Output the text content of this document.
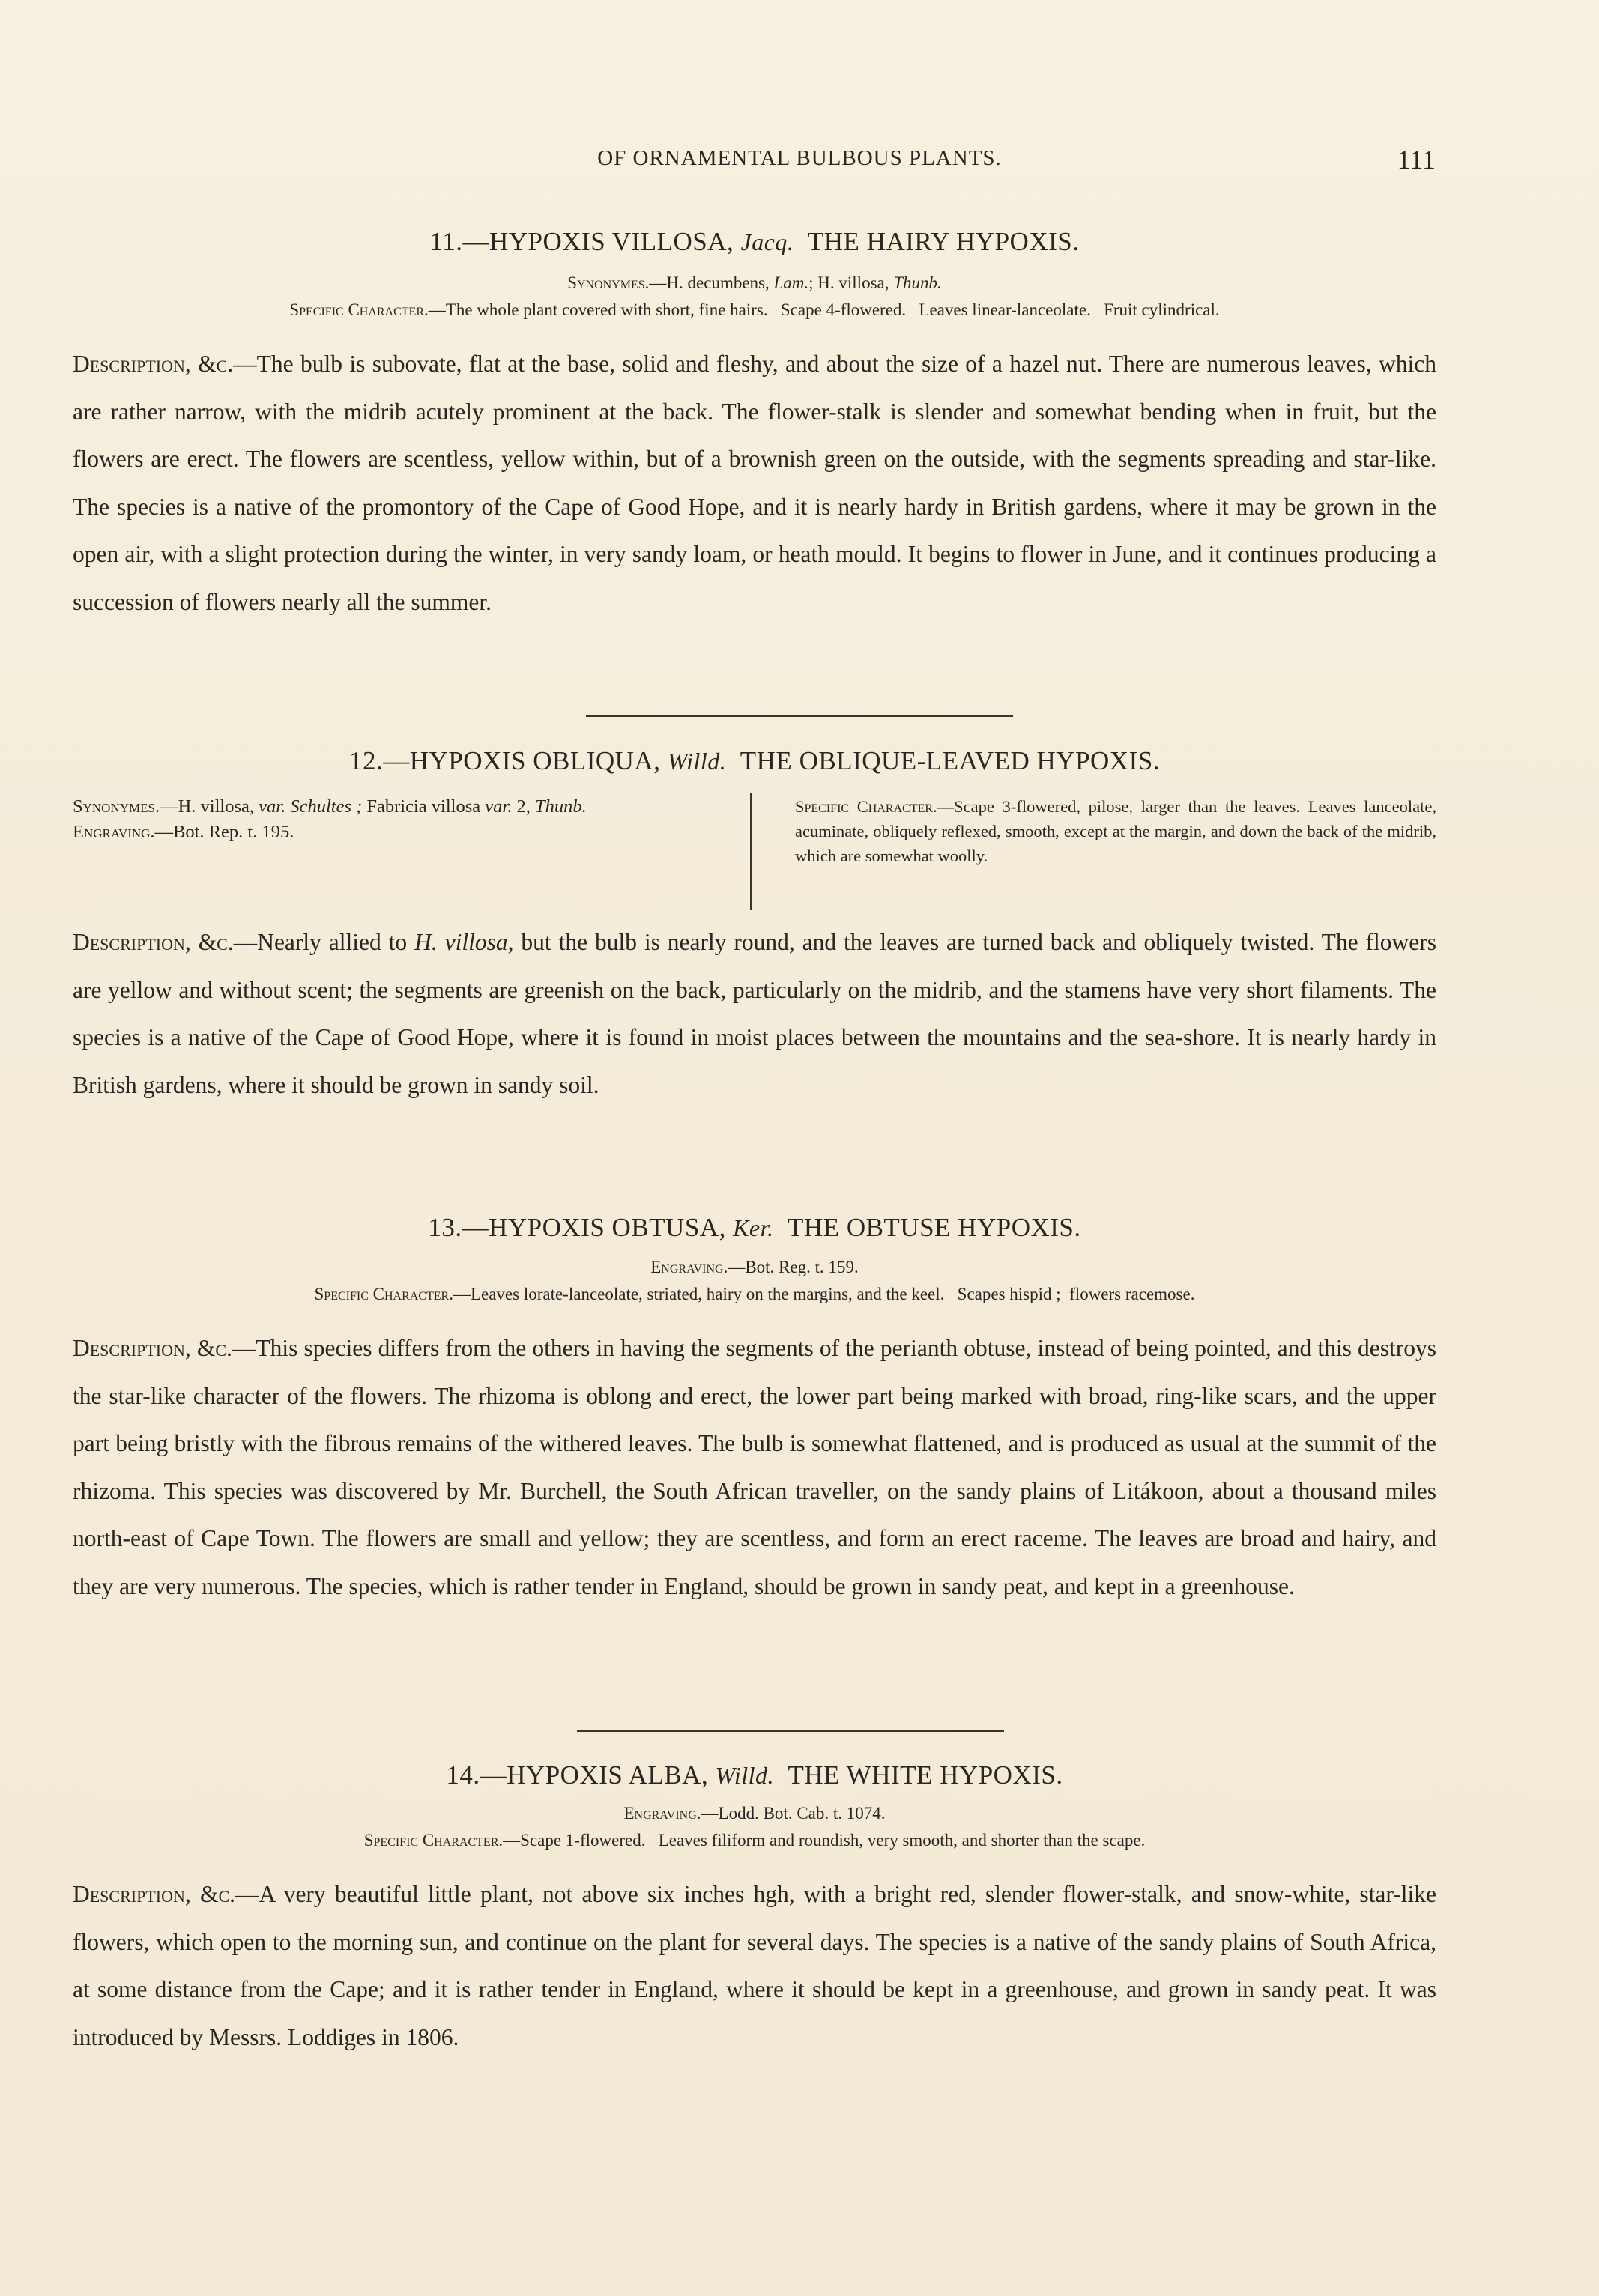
OF ORNAMENTAL BULBOUS PLANTS.	111

11.—HYPOXIS VILLOSA, Jacq. THE HAIRY HYPOXIS.

Synonymes.—H. decumbens, Lam.; H. villosa, Thunb.

Specific Character.—The whole plant covered with short, fine hairs.   Scape 4-flowered.   Leaves linear-lanceolate.   Fruit cylindrical.

Description, &c.—The bulb is subovate, flat at the base, solid and fleshy, and about the size of a hazel nut. There are numerous leaves, which are rather narrow, with the midrib acutely prominent at the back. The flower-stalk is slender and somewhat bending when in fruit, but the flowers are erect. The flowers are scentless, yellow within, but of a brownish green on the outside, with the segments spreading and star-like. The species is a native of the promontory of the Cape of Good Hope, and it is nearly hardy in British gardens, where it may be grown in the open air, with a slight protection during the winter, in very sandy loam, or heath mould. It begins to flower in June, and it continues producing a succession of flowers nearly all the summer.

12.—HYPOXIS OBLIQUA, Willd. THE OBLIQUE-LEAVED HYPOXIS.

Synonymes.—H. villosa, var. Schultes ; Fabricia villosa var. 2, Thunb.
Engraving.—Bot. Rep. t. 195.
Specific Character.—Scape 3-flowered, pilose, larger than the leaves. Leaves lanceolate, acuminate, obliquely reflexed, smooth, except at the margin, and down the back of the midrib, which are somewhat woolly.

Description, &c.—Nearly allied to H. villosa, but the bulb is nearly round, and the leaves are turned back and obliquely twisted. The flowers are yellow and without scent; the segments are greenish on the back, particularly on the midrib, and the stamens have very short filaments. The species is a native of the Cape of Good Hope, where it is found in moist places between the mountains and the sea-shore. It is nearly hardy in British gardens, where it should be grown in sandy soil.

13.—HYPOXIS OBTUSA, Ker. THE OBTUSE HYPOXIS.

Engraving.—Bot. Reg. t. 159.

Specific Character.—Leaves lorate-lanceolate, striated, hairy on the margins, and the keel.   Scapes hispid ;  flowers racemose.

Description, &c.—This species differs from the others in having the segments of the perianth obtuse, instead of being pointed, and this destroys the star-like character of the flowers. The rhizoma is oblong and erect, the lower part being marked with broad, ring-like scars, and the upper part being bristly with the fibrous remains of the withered leaves. The bulb is somewhat flattened, and is produced as usual at the summit of the rhizoma. This species was discovered by Mr. Burchell, the South African traveller, on the sandy plains of Litákoon, about a thousand miles north-east of Cape Town. The flowers are small and yellow; they are scentless, and form an erect raceme. The leaves are broad and hairy, and they are very numerous. The species, which is rather tender in England, should be grown in sandy peat, and kept in a greenhouse.

14.—HYPOXIS ALBA, Willd. THE WHITE HYPOXIS.

Engraving.—Lodd. Bot. Cab. t. 1074.

Specific Character.—Scape 1-flowered.   Leaves filiform and roundish, very smooth, and shorter than the scape.

Description, &c.—A very beautiful little plant, not above six inches hgh, with a bright red, slender flower-stalk, and snow-white, star-like flowers, which open to the morning sun, and continue on the plant for several days. The species is a native of the sandy plains of South Africa, at some distance from the Cape; and it is rather tender in England, where it should be kept in a greenhouse, and grown in sandy peat. It was introduced by Messrs. Loddiges in 1806.
